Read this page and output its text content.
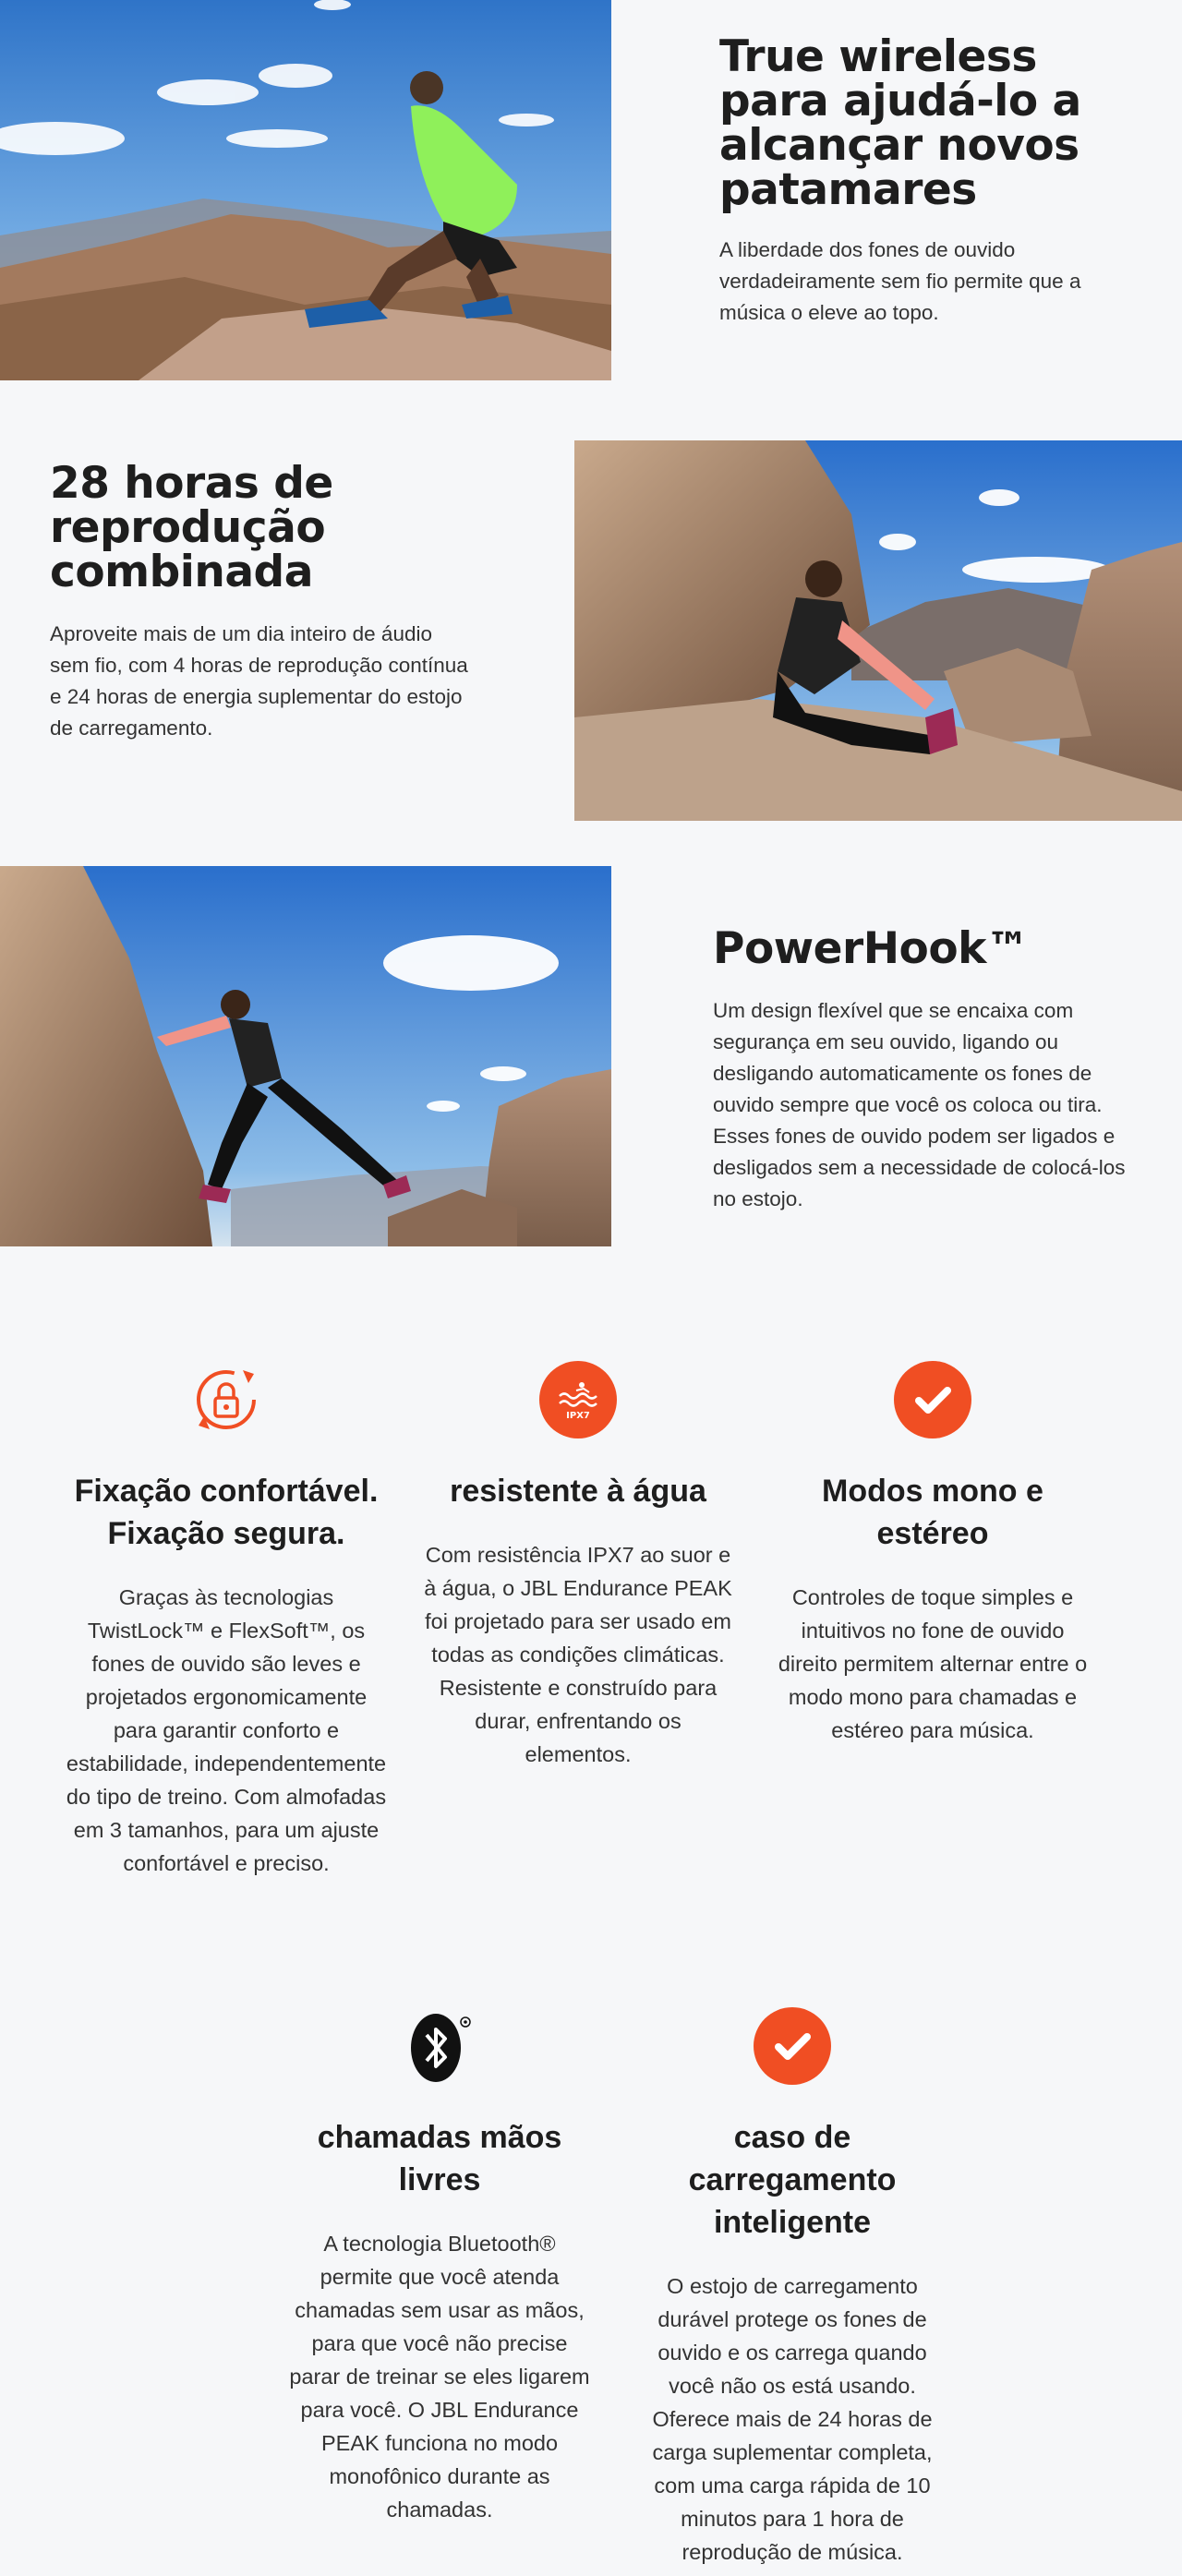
True wireless para ajudá-lo a alcançar novos patamares

A liberdade dos fones de ouvido verdadeiramente sem fio permite que a música o eleve ao topo.

28 horas de reprodução combinada

Aproveite mais de um dia inteiro de áudio sem fio, com 4 horas de reprodução contínua e 24 horas de energia suplementar do estojo de carregamento.

PowerHook™

Um design flexível que se encaixa com segurança em seu ouvido, ligando ou desligando automaticamente os fones de ouvido sempre que você os coloca ou tira. Esses fones de ouvido podem ser ligados e desligados sem a necessidade de colocá-los no estojo.

Fixação confortável. Fixação segura.

Graças às tecnologias TwistLock™ e FlexSoft™, os fones de ouvido são leves e projetados ergonomicamente para garantir conforto e estabilidade, independentemente do tipo de treino. Com almofadas em 3 tamanhos, para um ajuste confortável e preciso.

IPX7
resistente à água

Com resistência IPX7 ao suor e à água, o JBL Endurance PEAK foi projetado para ser usado em todas as condições climáticas. Resistente e construído para durar, enfrentando os elementos.

Modos mono e estéreo

Controles de toque simples e intuitivos no fone de ouvido direito permitem alternar entre o modo mono para chamadas e estéreo para música.

chamadas mãos livres

A tecnologia Bluetooth® permite que você atenda chamadas sem usar as mãos, para que você não precise parar de treinar se eles ligarem para você. O JBL Endurance PEAK funciona no modo monofônico durante as chamadas.

caso de carregamento inteligente

O estojo de carregamento durável protege os fones de ouvido e os carrega quando você não os está usando. Oferece mais de 24 horas de carga suplementar completa, com uma carga rápida de 10 minutos para 1 hora de reprodução de música.
